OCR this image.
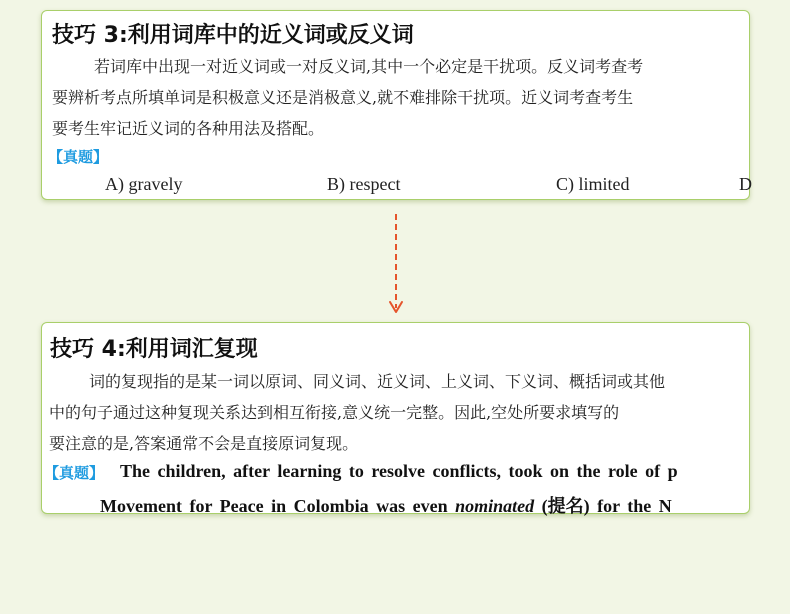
技巧 3:利用词库中的近义词或反义词
若词库中出现一对近义词或一对反义词,其中一个必定是干扰项。反义词考查考
要辨析考点所填单词是积极意义还是消极意义,就不难排除干扰项。近义词考查考生
要考生牢记近义词的各种用法及搭配。
【真题】
A) gravely	B) respect	C) limited	D
技巧 4:利用词汇复现
词的复现指的是某一词以原词、同义词、近义词、上义词、下义词、概括词或其他
中的句子通过这种复现关系达到相互衔接,意义统一完整。因此,空处所要求填写的
要注意的是,答案通常不会是直接原词复现。
【真题】 The children, after learning to resolve conflicts, took on the role of p
Movement for Peace in Colombia was even nominated (提名) for the N
